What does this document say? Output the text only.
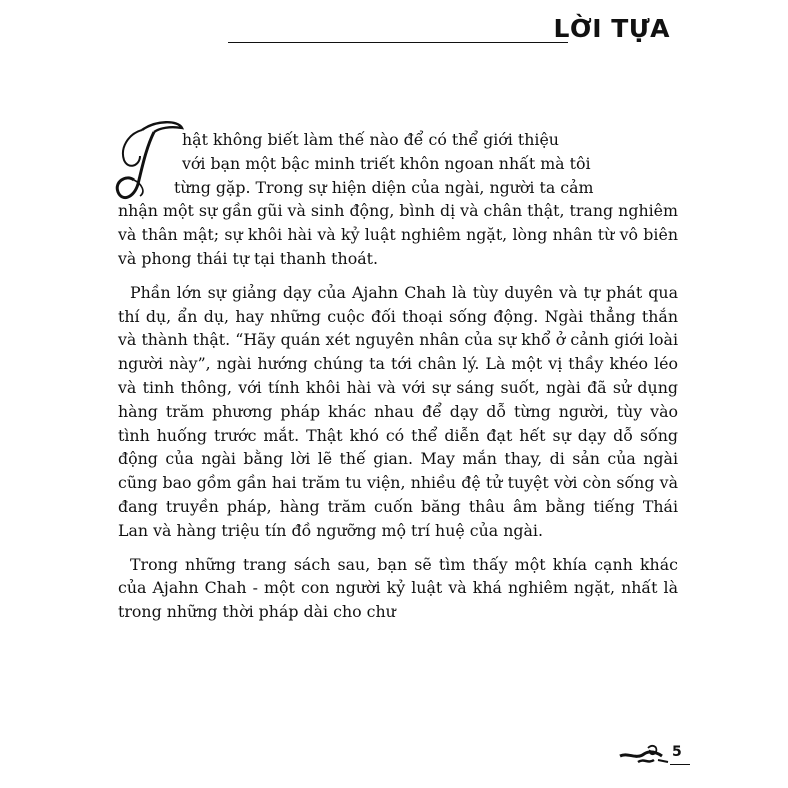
LỜI TỰA

hật không biết làm thế nào để có thể giới thiệu
với bạn một bậc minh triết khôn ngoan nhất mà tôi
từng gặp. Trong sự hiện diện của ngài, người ta cảm
nhận một sự gần gũi và sinh động, bình dị và chân thật, trang nghiêm và thân mật; sự khôi hài và kỷ luật nghiêm ngặt, lòng nhân từ vô biên và phong thái tự tại thanh thoát.

Phần lớn sự giảng dạy của Ajahn Chah là tùy duyên và tự phát qua thí dụ, ẩn dụ, hay những cuộc đối thoại sống động. Ngài thẳng thắn và thành thật. “Hãy quán xét nguyên nhân của sự khổ ở cảnh giới loài người này”, ngài hướng chúng ta tới chân lý. Là một vị thầy khéo léo và tinh thông, với tính khôi hài và với sự sáng suốt, ngài đã sử dụng hàng trăm phương pháp khác nhau để dạy dỗ từng người, tùy vào tình huống trước mắt. Thật khó có thể diễn đạt hết sự dạy dỗ sống động của ngài bằng lời lẽ thế gian. May mắn thay, di sản của ngài cũng bao gồm gần hai trăm tu viện, nhiều đệ tử tuyệt vời còn sống và đang truyền pháp, hàng trăm cuốn băng thâu âm bằng tiếng Thái Lan và hàng triệu tín đồ ngưỡng mộ trí huệ của ngài.

Trong những trang sách sau, bạn sẽ tìm thấy một khía cạnh khác của Ajahn Chah - một con người kỷ luật và khá nghiêm ngặt, nhất là trong những thời pháp dài cho chư

5
